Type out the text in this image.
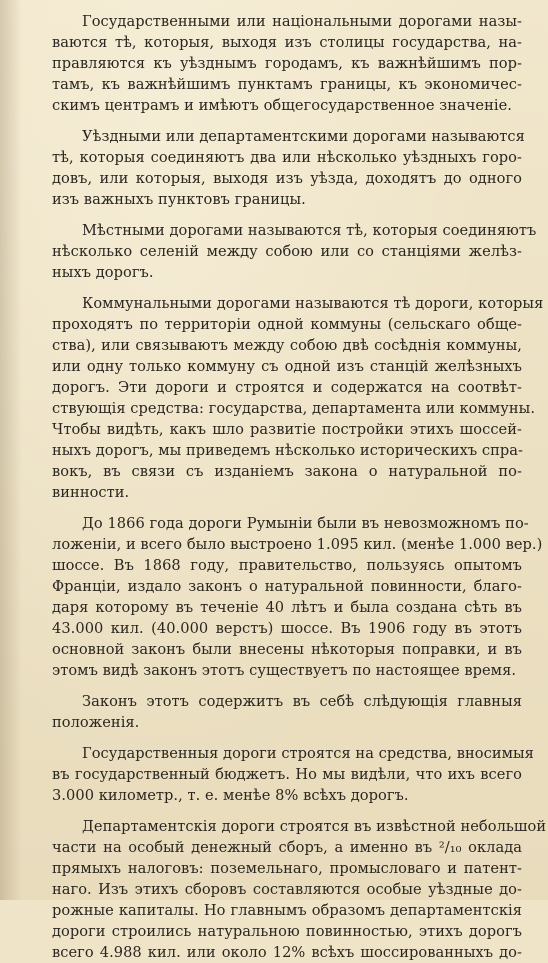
Государственными или національными дорогами назы-
ваются тѣ, которыя, выходя изъ столицы государства, на-
правляются къ уѣзднымъ городамъ, къ важнѣйшимъ пор-
тамъ, къ важнѣйшимъ пунктамъ границы, къ экономичес-
скимъ центрамъ и имѣютъ общегосударственное значеніе.
Уѣздными или департаментскими дорогами называются
тѣ, которыя соединяютъ два или нѣсколько уѣздныхъ горо-
довъ, или которыя, выходя изъ уѣзда, доходятъ до одного
изъ важныхъ пунктовъ границы.
Мѣстными дорогами называются тѣ, которыя соединяютъ
нѣсколько селеній между собою или со станціями желѣз-
ныхъ дорогъ.
Коммунальными дорогами называются тѣ дороги, которыя
проходятъ по территоріи одной коммуны (сельскаго обще-
ства), или связываютъ между собою двѣ сосѣднія коммуны,
или одну только коммуну съ одной изъ станцій желѣзныхъ
дорогъ. Эти дороги и строятся и содержатся на соотвѣт-
ствующія средства: государства, департамента или коммуны.
Чтобы видѣть, какъ шло развитіе постройки этихъ шоссей-
ныхъ дорогъ, мы приведемъ нѣсколько историческихъ спра-
вокъ, въ связи съ изданіемъ закона о натуральной по-
винности.
До 1866 года дороги Румыніи были въ невозможномъ по-
ложеніи, и всего было выстроено 1.095 кил. (менѣе 1.000 вер.)
шоссе. Въ 1868 году, правительство, пользуясь опытомъ
Франціи, издало законъ о натуральной повинности, благо-
даря которому въ теченіе 40 лѣтъ и была создана сѣть въ
43.000 кил. (40.000 верстъ) шоссе. Въ 1906 году въ этотъ
основной законъ были внесены нѣкоторыя поправки, и въ
этомъ видѣ законъ этотъ существуетъ по настоящее время.
Законъ этотъ содержитъ въ себѣ слѣдующія главныя
положенія.
Государственныя дороги строятся на средства, вносимыя
въ государственный бюджетъ. Но мы видѣли, что ихъ всего
3.000 километр., т. е. менѣе 8% всѣхъ дорогъ.
Департаментскія дороги строятся въ извѣстной небольшой
части на особый денежный сборъ, а именно въ ²/₁₀ оклада
прямыхъ налоговъ: поземельнаго, промысловаго и патент-
наго. Изъ этихъ сборовъ составляются особые уѣздные до-
рожные капиталы. Но главнымъ образомъ департаментскія
дороги строились натуральною повинностью, этихъ дорогъ
всего 4.988 кил. или около 12% всѣхъ шоссированныхъ до-
